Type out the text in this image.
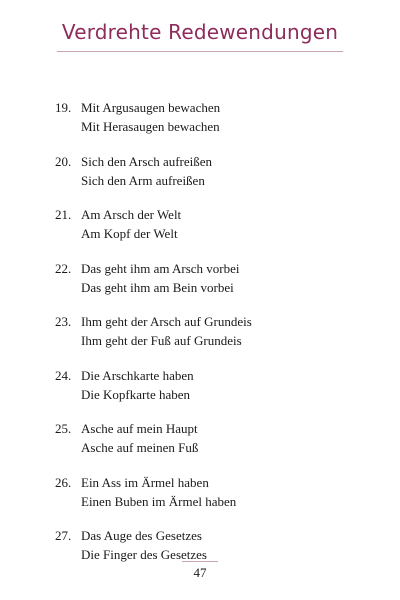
Verdrehte Redewendungen
19. Mit Argusaugen bewachen
Mit Herasaugen bewachen
20. Sich den Arsch aufreißen
Sich den Arm aufreißen
21. Am Arsch der Welt
Am Kopf der Welt
22. Das geht ihm am Arsch vorbei
Das geht ihm am Bein vorbei
23. Ihm geht der Arsch auf Grundeis
Ihm geht der Fuß auf Grundeis
24. Die Arschkarte haben
Die Kopfkarte haben
25. Asche auf mein Haupt
Asche auf meinen Fuß
26. Ein Ass im Ärmel haben
Einen Buben im Ärmel haben
27. Das Auge des Gesetzes
Die Finger des Gesetzes
47
